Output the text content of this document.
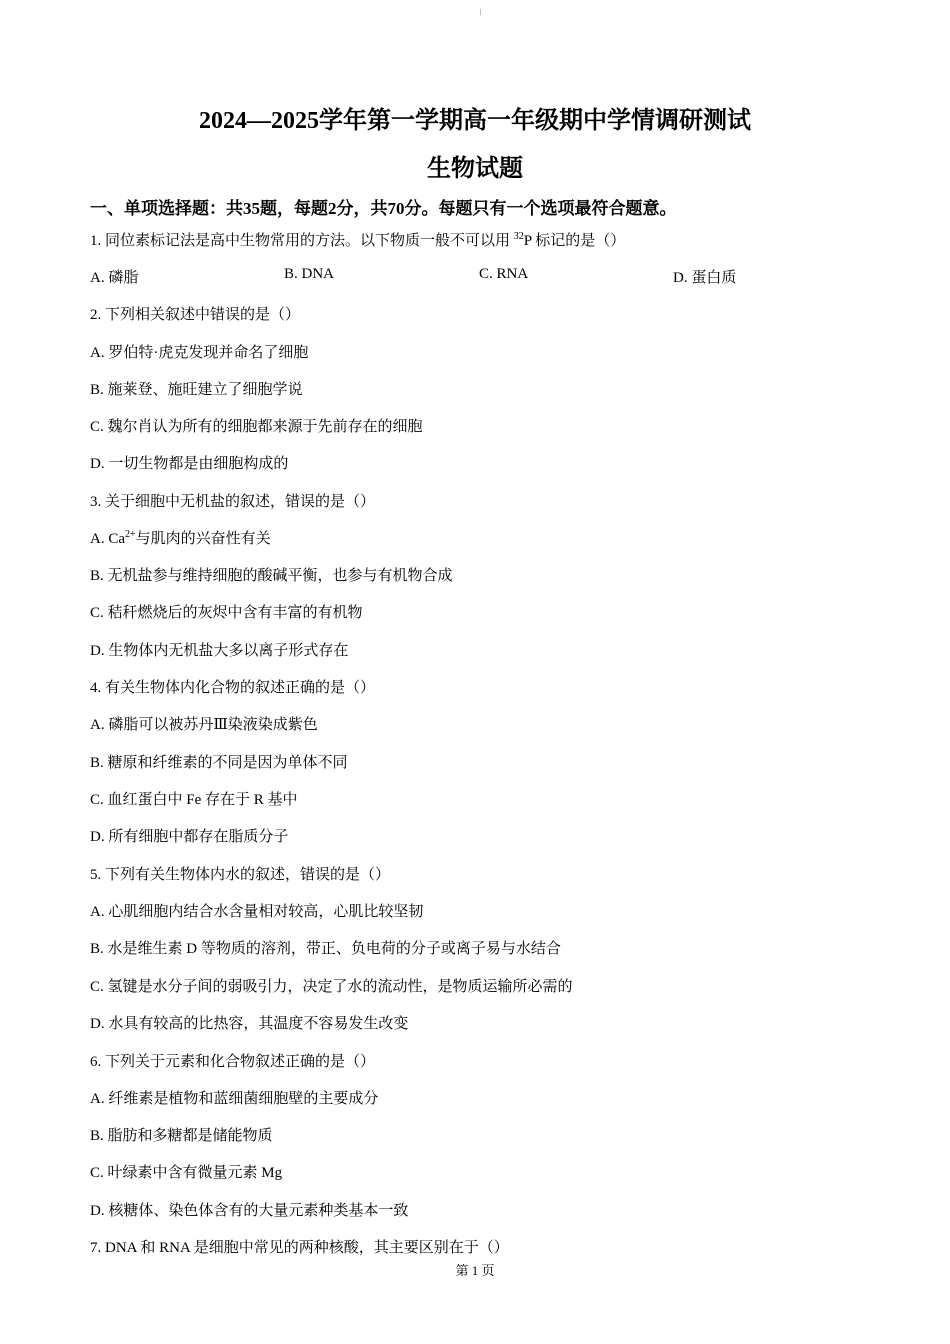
|
2024—2025学年第一学期高一年级期中学情调研测试
生物试题
一、单项选择题：共35题，每题2分，共70分。每题只有一个选项最符合题意。
1. 同位素标记法是高中生物常用的方法。以下物质一般不可以用 $^{32}$P 标记的是（）
A. 磷脂	B. DNA	C. RNA	D. 蛋白质
2. 下列相关叙述中错误的是（）
A. 罗伯特·虎克发现并命名了细胞
B. 施莱登、施旺建立了细胞学说
C. 魏尔肖认为所有的细胞都来源于先前存在的细胞
D. 一切生物都是由细胞构成的
3. 关于细胞中无机盐的叙述，错误的是（）
A. $Ca^{2+}$与肌肉的兴奋性有关
B. 无机盐参与维持细胞的酸碱平衡，也参与有机物合成
C. 秸秆燃烧后的灰烬中含有丰富的有机物
D. 生物体内无机盐大多以离子形式存在
4. 有关生物体内化合物的叙述正确的是（）
A. 磷脂可以被苏丹Ⅲ染液染成紫色
B. 糖原和纤维素的不同是因为单体不同
C. 血红蛋白中 Fe 存在于 R 基中
D. 所有细胞中都存在脂质分子
5. 下列有关生物体内水的叙述，错误的是（）
A. 心肌细胞内结合水含量相对较高，心肌比较坚韧
B. 水是维生素 D 等物质的溶剂，带正、负电荷的分子或离子易与水结合
C. 氢键是水分子间的弱吸引力，决定了水的流动性，是物质运输所必需的
D. 水具有较高的比热容，其温度不容易发生改变
6. 下列关于元素和化合物叙述正确的是（）
A. 纤维素是植物和蓝细菌细胞壁的主要成分
B. 脂肪和多糖都是储能物质
C. 叶绿素中含有微量元素 Mg
D. 核糖体、染色体含有的大量元素种类基本一致
7. DNA 和 RNA 是细胞中常见的两种核酸，其主要区别在于（）
第 1 页
